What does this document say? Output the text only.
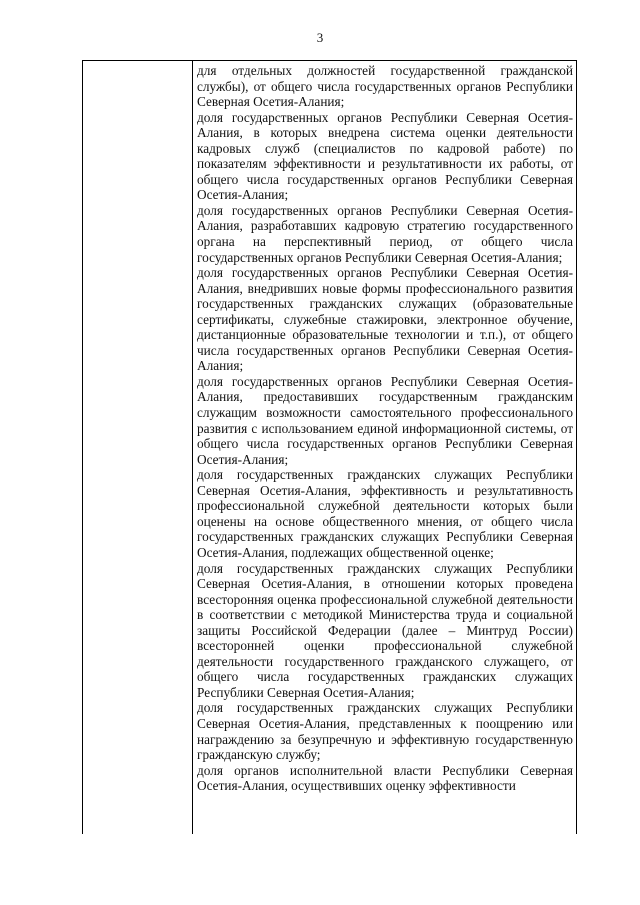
3

для отдельных должностей государственной гражданской службы), от общего числа государственных органов Республики Северная Осетия-Алания;

доля государственных органов Республики Северная Осетия-Алания, в которых внедрена система оценки деятельности кадровых служб (специалистов по кадровой работе) по показателям эффективности и результативности их работы, от общего числа государственных органов Республики Северная Осетия-Алания;

доля государственных органов Республики Северная Осетия-Алания, разработавших кадровую стратегию государственного органа на перспективный период, от общего числа государственных органов Республики Северная Осетия-Алания;

доля государственных органов Республики Северная Осетия-Алания, внедривших новые формы профессионального развития государственных гражданских служащих (образовательные сертификаты, служебные стажировки, электронное обучение, дистанционные образовательные технологии и т.п.), от общего числа государственных органов Республики Северная Осетия-Алания;

доля государственных органов Республики Северная Осетия-Алания, предоставивших государственным гражданским служащим возможности самостоятельного профессионального развития с использованием единой информационной системы, от общего числа государственных органов Республики Северная Осетия-Алания;

доля государственных гражданских служащих Республики Северная Осетия-Алания, эффективность и результативность профессиональной служебной деятельности которых были оценены на основе общественного мнения, от общего числа государственных гражданских служащих Республики Северная Осетия-Алания, подлежащих общественной оценке;

доля государственных гражданских служащих Республики Северная Осетия-Алания, в отношении которых проведена всесторонняя оценка профессиональной служебной деятельности в соответствии с методикой Министерства труда и социальной защиты Российской Федерации (далее – Минтруд России) всесторонней оценки профессиональной служебной деятельности государственного гражданского служащего, от общего числа государственных гражданских служащих Республики Северная Осетия-Алания;

доля государственных гражданских служащих Республики Северная Осетия-Алания, представленных к поощрению или награждению за безупречную и эффективную государственную гражданскую службу;

доля органов исполнительной власти Республики Северная Осетия-Алания, осуществивших оценку эффективности
